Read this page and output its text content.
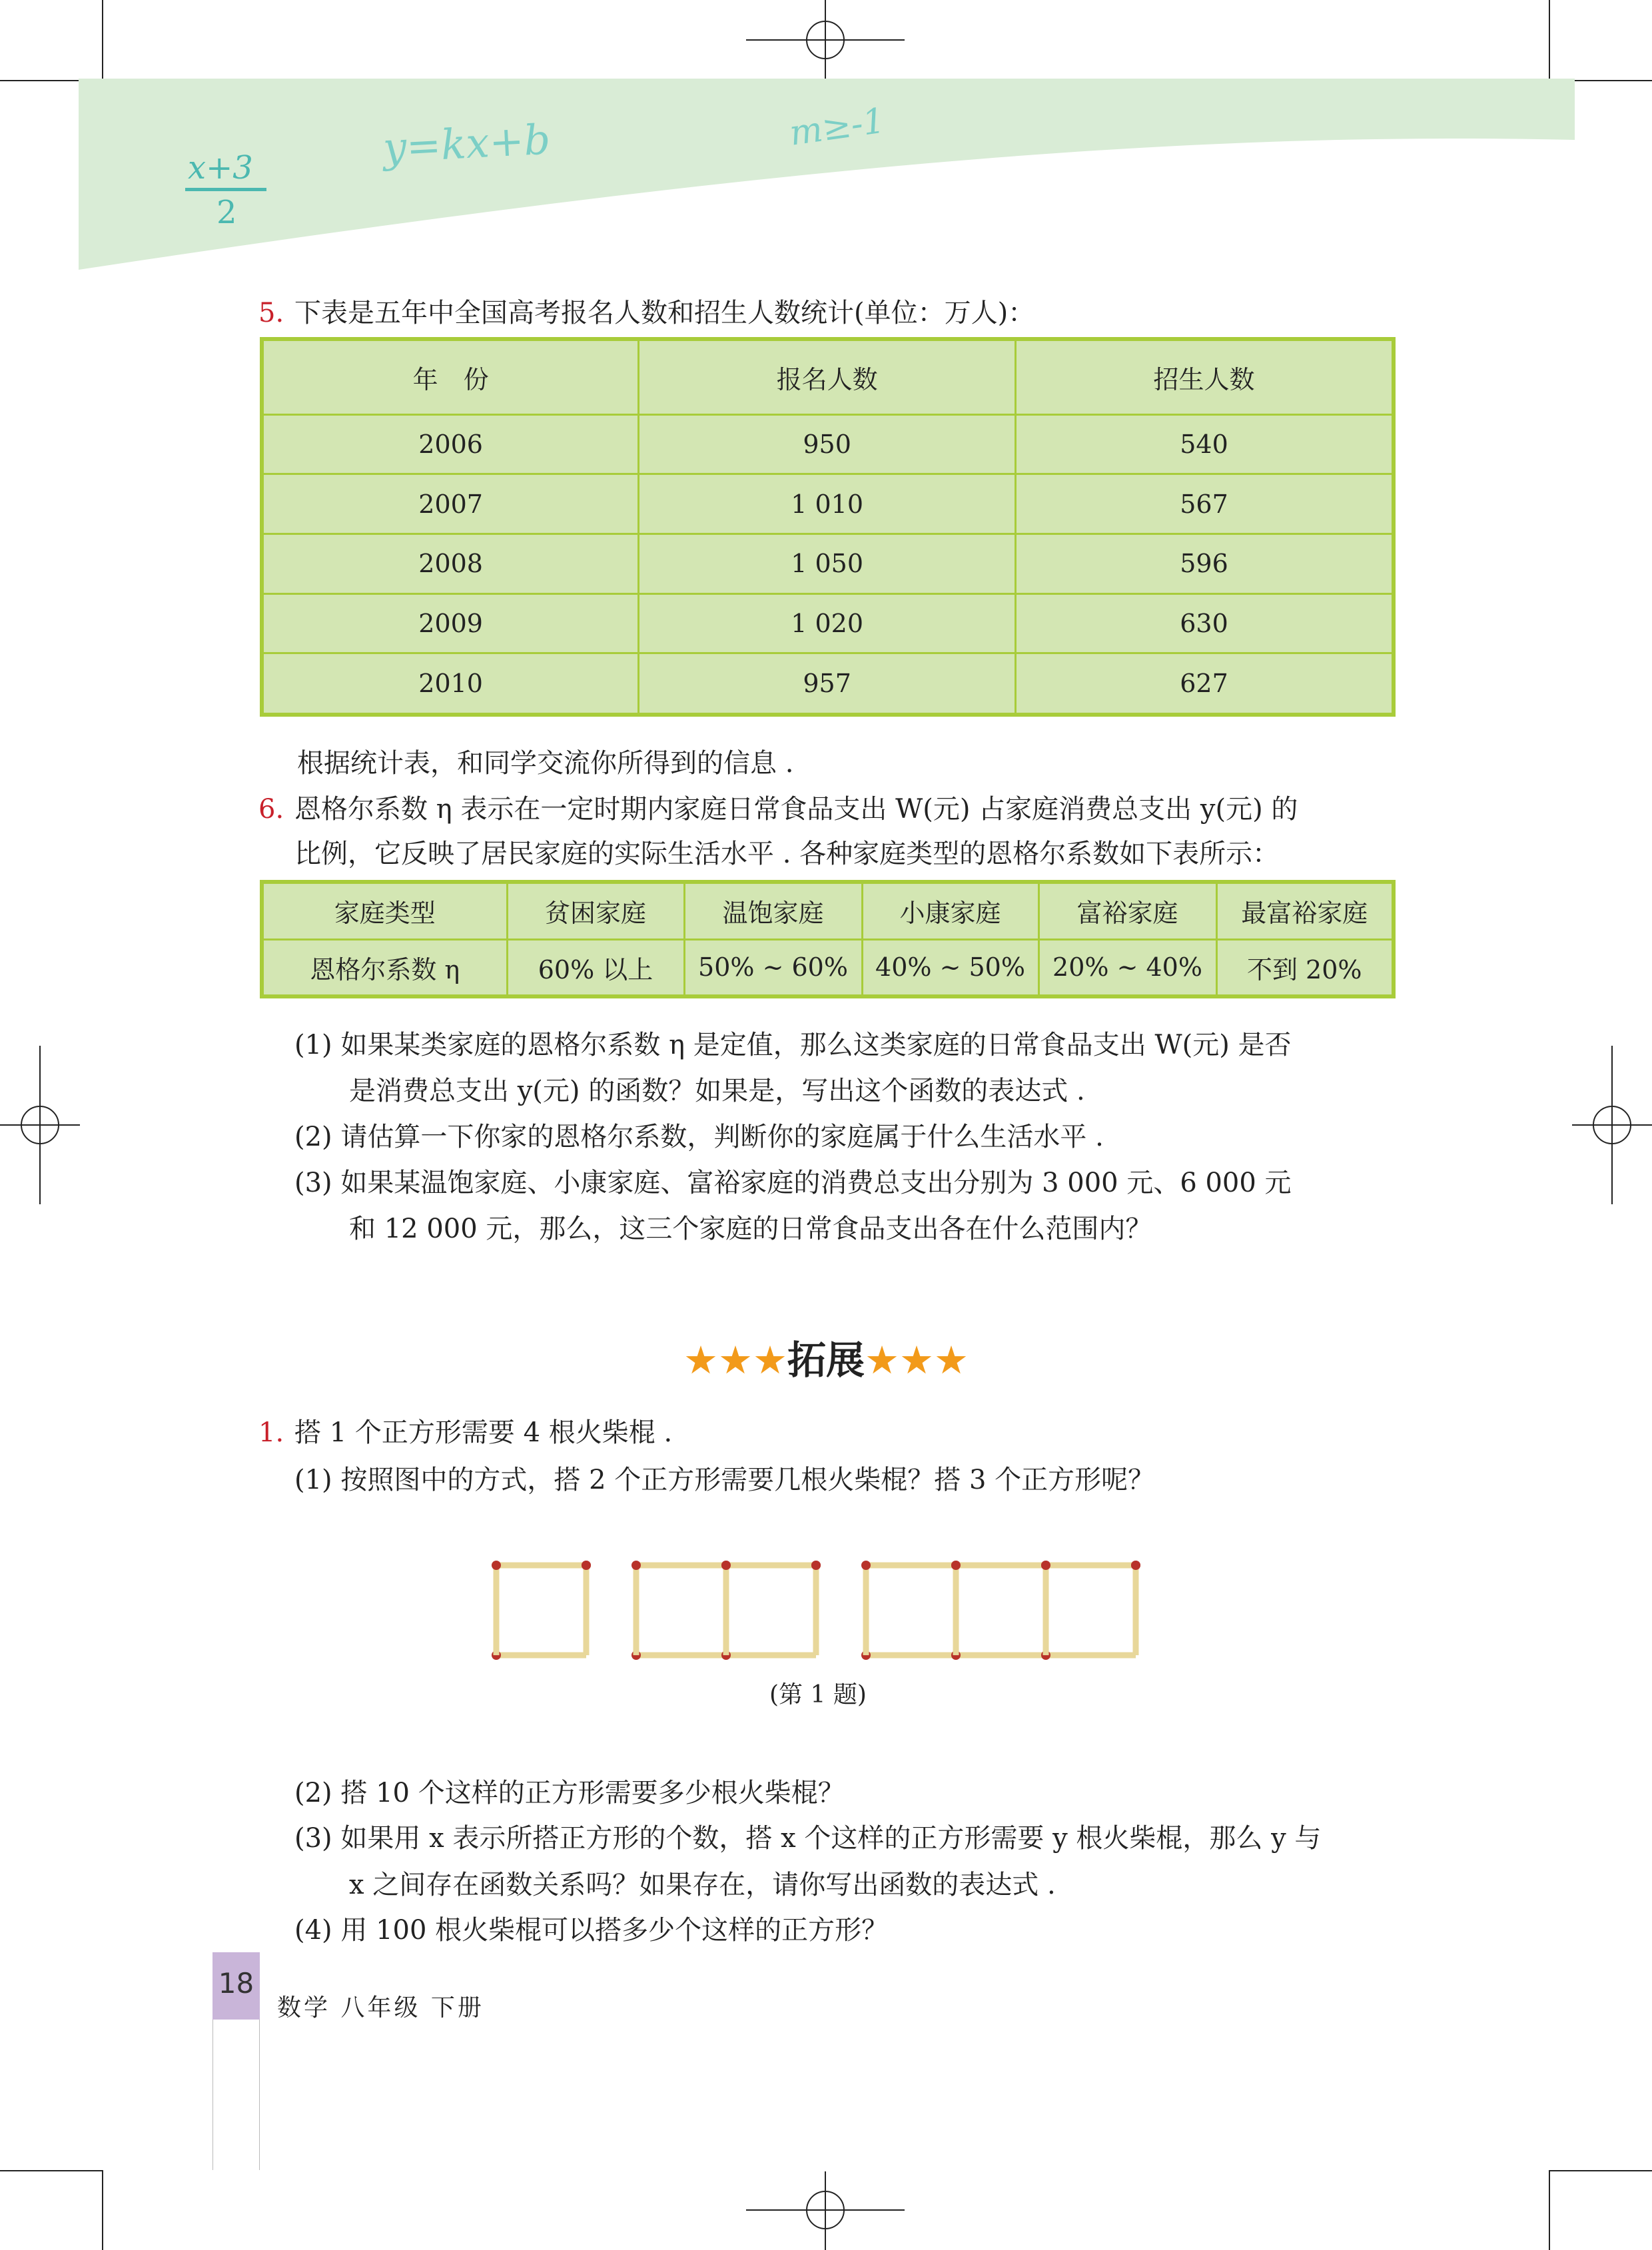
x+3
2
y=kx+b	m≥-1
5. 下表是五年中全国高考报名人数和招生人数统计(单位：万人)：
年　份	报名人数	招生人数
2006	950	540
2007	1 010	567
2008	1 050	596
2009	1 020	630
2010	957	627
根据统计表，和同学交流你所得到的信息 .
6. 恩格尔系数 η 表示在一定时期内家庭日常食品支出 W(元) 占家庭消费总支出 y(元) 的
比例，它反映了居民家庭的实际生活水平 . 各种家庭类型的恩格尔系数如下表所示：
家庭类型	贫困家庭	温饱家庭	小康家庭	富裕家庭	最富裕家庭
恩格尔系数 η	60% 以上	50% ~ 60%	40% ~ 50%	20% ~ 40%	不到 20%
(1) 如果某类家庭的恩格尔系数 η 是定值，那么这类家庭的日常食品支出 W(元) 是否
是消费总支出 y(元) 的函数？如果是，写出这个函数的表达式 .
(2) 请估算一下你家的恩格尔系数，判断你的家庭属于什么生活水平 .
(3) 如果某温饱家庭、小康家庭、富裕家庭的消费总支出分别为 3 000 元、6 000 元
和 12 000 元，那么，这三个家庭的日常食品支出各在什么范围内？
★★★拓展★★★
1. 搭 1 个正方形需要 4 根火柴棍 .
(1) 按照图中的方式，搭 2 个正方形需要几根火柴棍？搭 3 个正方形呢？
(第 1 题)
(2) 搭 10 个这样的正方形需要多少根火柴棍？
(3) 如果用 x 表示所搭正方形的个数，搭 x 个这样的正方形需要 y 根火柴棍，那么 y 与
x 之间存在函数关系吗？如果存在，请你写出函数的表达式 .
(4) 用 100 根火柴棍可以搭多少个这样的正方形？
18
数学 八年级 下册
